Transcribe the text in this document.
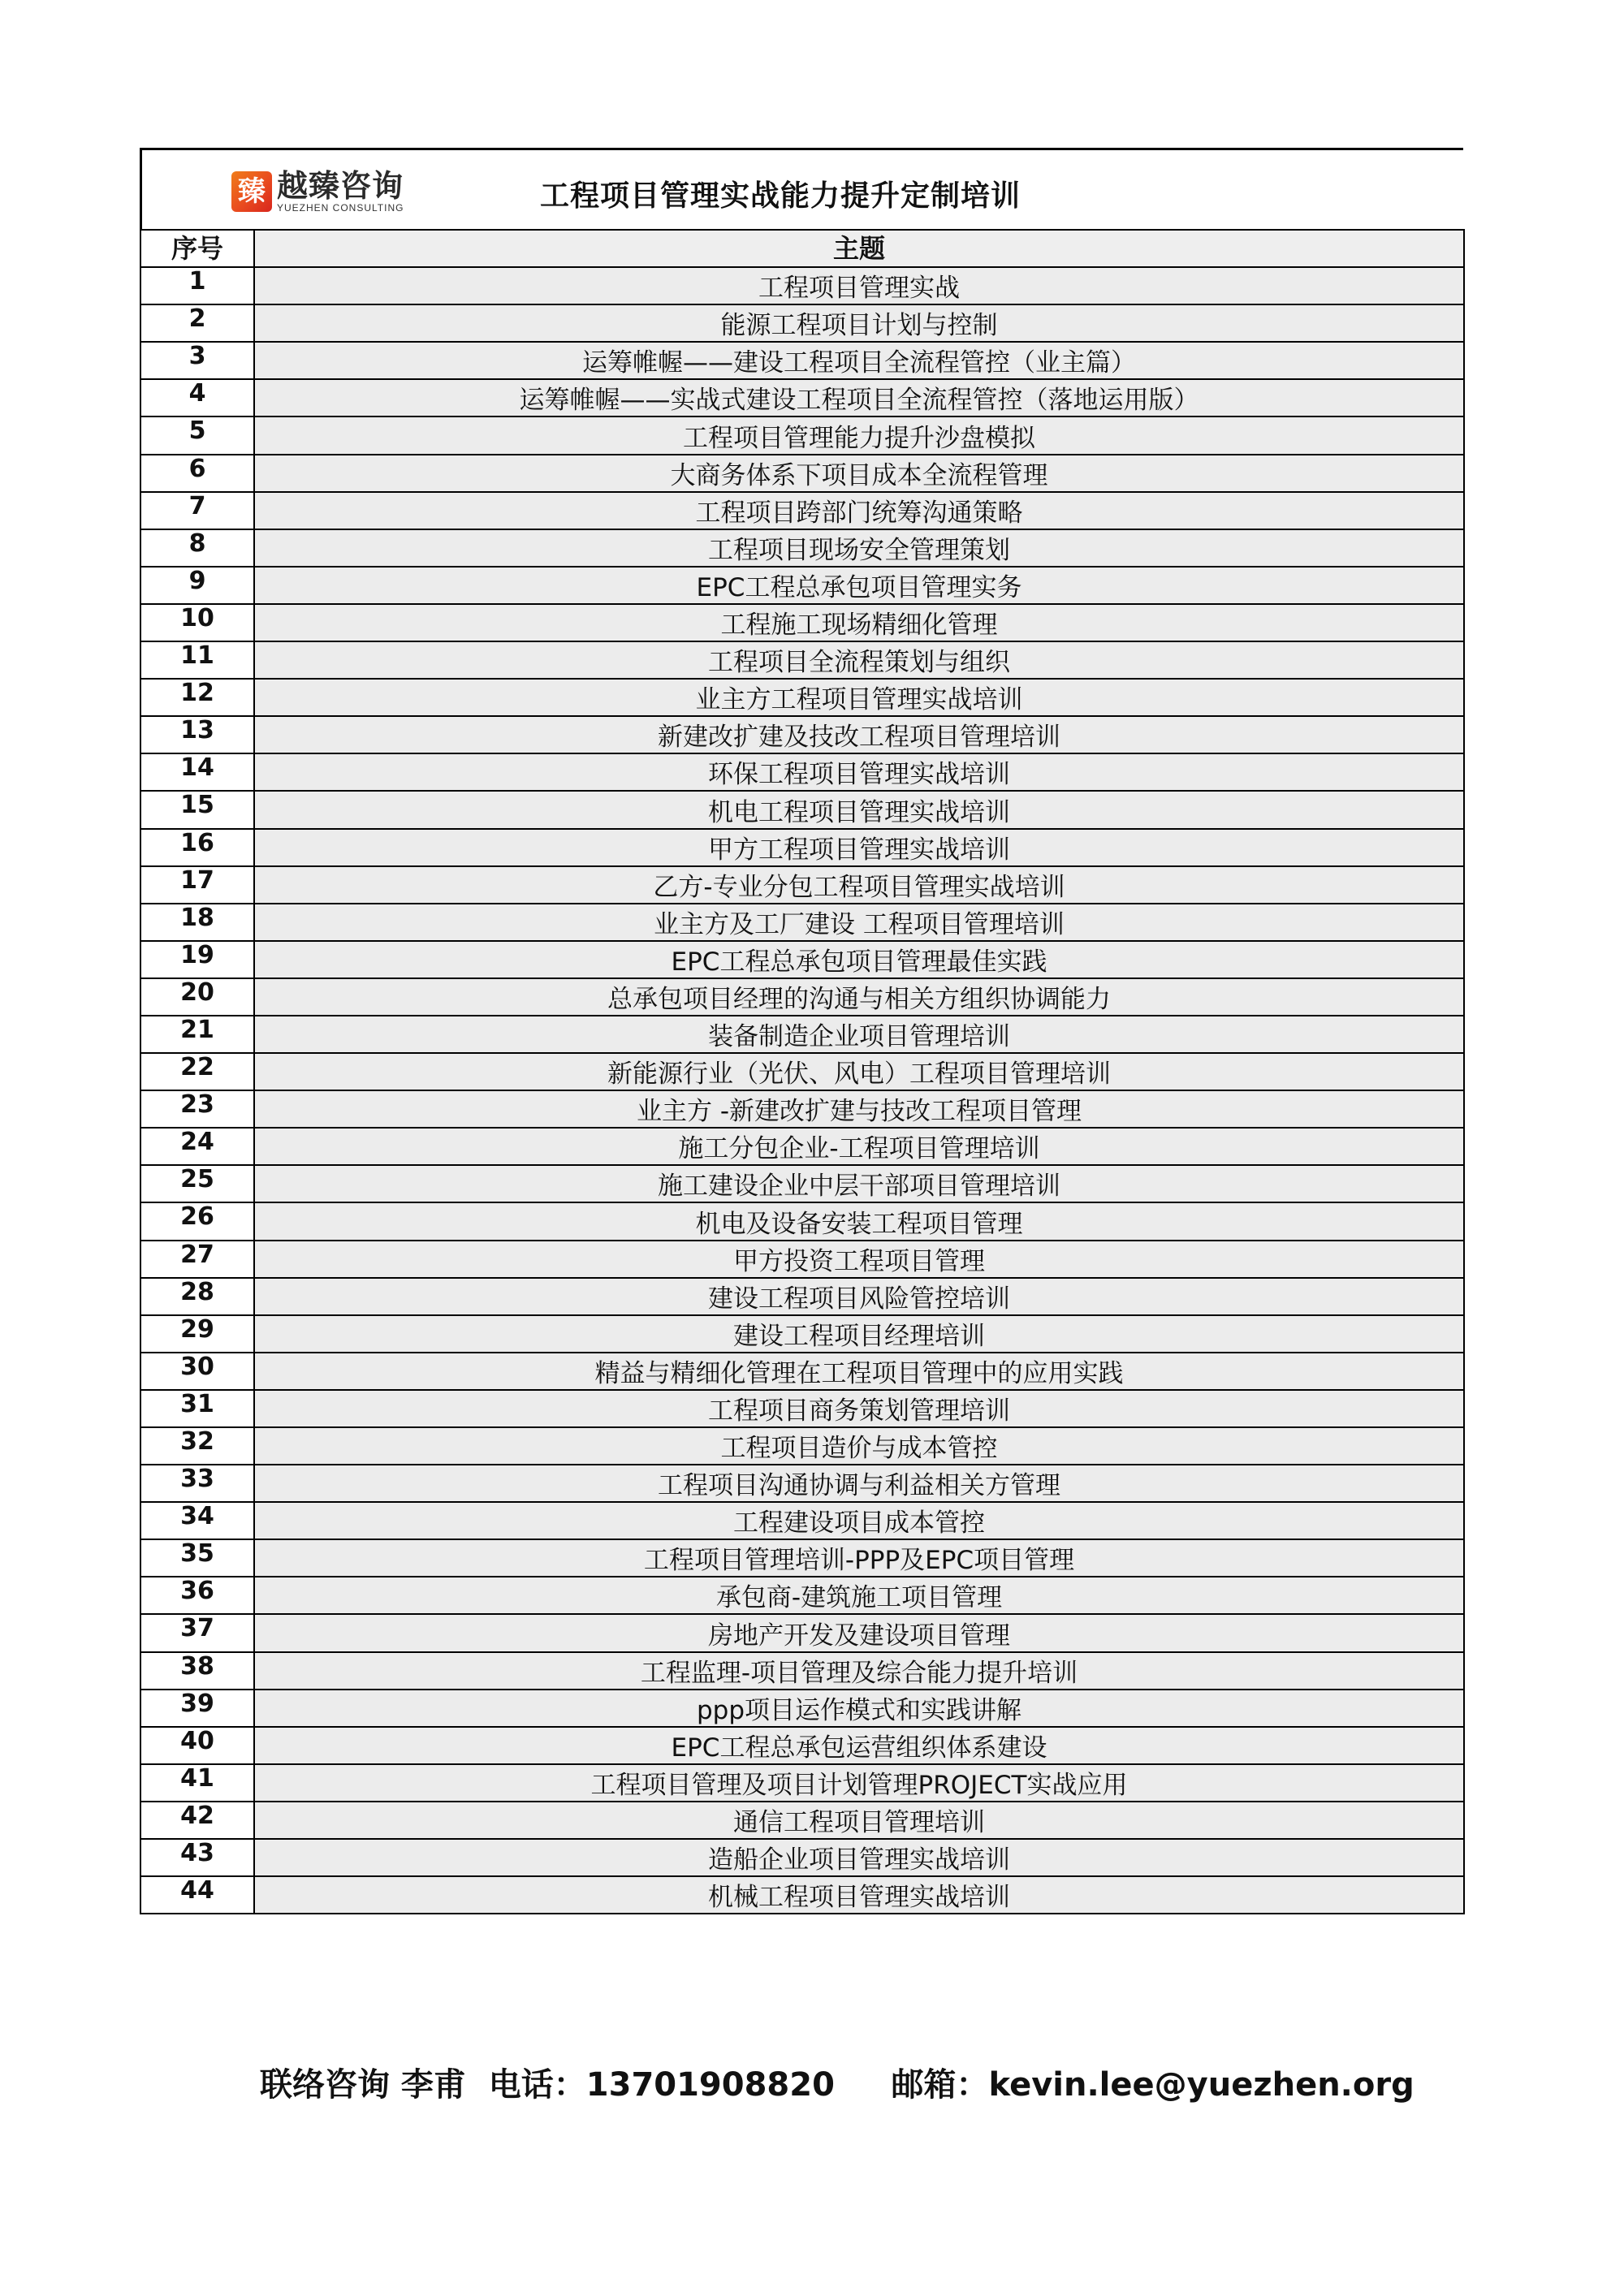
臻 越臻咨询
YUEZHEN CONSULTING	工程项目管理实战能力提升定制培训
序号	主题
1	工程项目管理实战
2	能源工程项目计划与控制
3	运筹帷幄——建设工程项目全流程管控（业主篇）
4	运筹帷幄——实战式建设工程项目全流程管控（落地运用版）
5	工程项目管理能力提升沙盘模拟
6	大商务体系下项目成本全流程管理
7	工程项目跨部门统筹沟通策略
8	工程项目现场安全管理策划
9	EPC工程总承包项目管理实务
10	工程施工现场精细化管理
11	工程项目全流程策划与组织
12	业主方工程项目管理实战培训
13	新建改扩建及技改工程项目管理培训
14	环保工程项目管理实战培训
15	机电工程项目管理实战培训
16	甲方工程项目管理实战培训
17	乙方-专业分包工程项目管理实战培训
18	业主方及工厂建设 工程项目管理培训
19	EPC工程总承包项目管理最佳实践
20	总承包项目经理的沟通与相关方组织协调能力
21	装备制造企业项目管理培训
22	新能源行业（光伏、风电）工程项目管理培训
23	业主方 -新建改扩建与技改工程项目管理
24	施工分包企业-工程项目管理培训
25	施工建设企业中层干部项目管理培训
26	机电及设备安装工程项目管理
27	甲方投资工程项目管理
28	建设工程项目风险管控培训
29	建设工程项目经理培训
30	精益与精细化管理在工程项目管理中的应用实践
31	工程项目商务策划管理培训
32	工程项目造价与成本管控
33	工程项目沟通协调与利益相关方管理
34	工程建设项目成本管控
35	工程项目管理培训-PPP及EPC项目管理
36	承包商-建筑施工项目管理
37	房地产开发及建设项目管理
38	工程监理-项目管理及综合能力提升培训
39	ppp项目运作模式和实践讲解
40	EPC工程总承包运营组织体系建设
41	工程项目管理及项目计划管理PROJECT实战应用
42	通信工程项目管理培训
43	造船企业项目管理实战培训
44	机械工程项目管理实战培训
联络咨询 李甫  电话：13701908820     邮箱：kevin.lee@yuezhen.org
